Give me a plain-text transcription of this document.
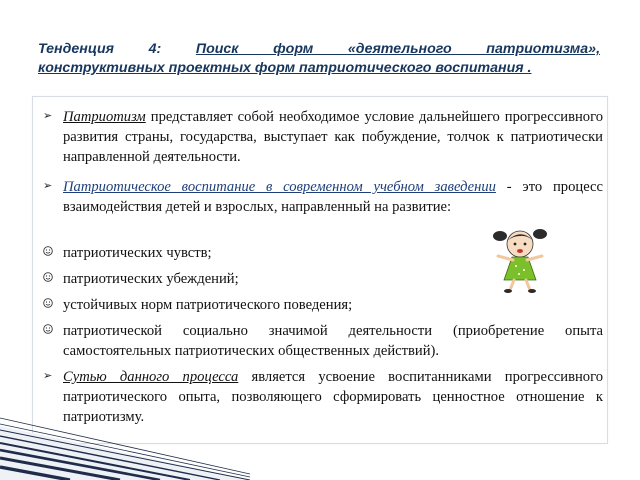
Тенденция 4: Поиск форм «деятельного патриотизма»,
конструктивных проектных форм патриотического воспитания .
➢ Патриотизм представляет собой необходимое условие дальнейшего прогрессивного развития страны, государства, выступает как побуждение, толчок к патриотически направленной деятельности.
➢ Патриотическое воспитание в современном учебном заведении - это процесс взаимодействия детей и взрослых, направленный на развитие:
патриотических чувств;
патриотических убеждений;
устойчивых норм патриотического поведения;
патриотической социально значимой деятельности (приобретение опыта самостоятельных патриотических общественных действий).
➢ Сутью данного процесса является усвоение воспитанниками прогрессивного патриотического опыта, позволяющего сформировать ценностное отношение к патриотизму.
